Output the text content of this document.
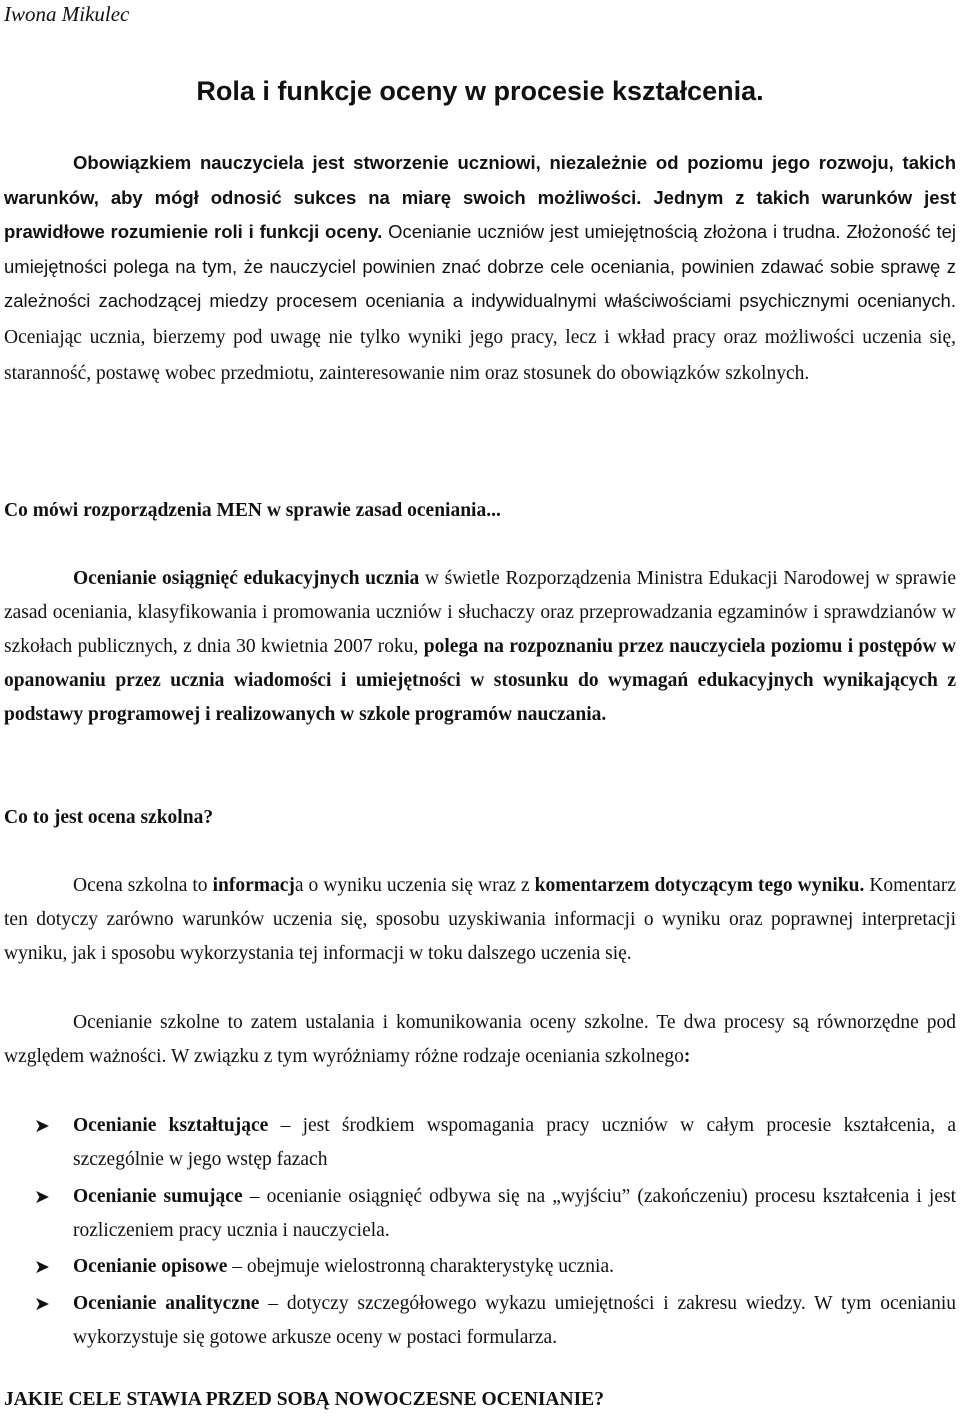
Iwona Mikulec
Rola i funkcje oceny w procesie kształcenia.

Obowiązkiem nauczyciela jest stworzenie uczniowi, niezależnie od poziomu jego rozwoju, takich warunków, aby mógł odnosić sukces na miarę swoich możliwości. Jednym z takich warunków jest prawidłowe rozumienie roli i funkcji oceny. Ocenianie uczniów jest umiejętnością złożona i trudna. Złożoność tej umiejętności polega na tym, że nauczyciel powinien znać dobrze cele oceniania, powinien zdawać sobie sprawę z zależności zachodzącej miedzy procesem oceniania a indywidualnymi właściwościami psychicznymi ocenianych. Oceniając ucznia, bierzemy pod uwagę nie tylko wyniki jego pracy, lecz i wkład pracy oraz możliwości uczenia się, staranność, postawę wobec przedmiotu, zainteresowanie nim oraz stosunek do obowiązków szkolnych.

Co mówi rozporządzenia MEN w sprawie zasad oceniania...

Ocenianie osiągnięć edukacyjnych ucznia w świetle Rozporządzenia Ministra Edukacji Narodowej w sprawie zasad oceniania, klasyfikowania i promowania uczniów i słuchaczy oraz przeprowadzania egzaminów i sprawdzianów w szkołach publicznych, z dnia 30 kwietnia 2007 roku, polega na rozpoznaniu przez nauczyciela poziomu i postępów w opanowaniu przez ucznia wiadomości i umiejętności w stosunku do wymagań edukacyjnych wynikających z podstawy programowej i realizowanych w szkole programów nauczania.

Co to jest ocena szkolna?

Ocena szkolna to informacja o wyniku uczenia się wraz z komentarzem dotyczącym tego wyniku. Komentarz ten dotyczy zarówno warunków uczenia się, sposobu uzyskiwania informacji o wyniku oraz poprawnej interpretacji wyniku, jak i sposobu wykorzystania tej informacji w toku dalszego uczenia się.

Ocenianie szkolne to zatem ustalania i komunikowania oceny szkolne. Te dwa procesy są równorzędne pod względem ważności. W związku z tym wyróżniamy różne rodzaje oceniania szkolnego:

➤ Ocenianie kształtujące – jest środkiem wspomagania pracy uczniów w całym procesie kształcenia, a szczególnie w jego wstęp fazach
➤ Ocenianie sumujące – ocenianie osiągnięć odbywa się na „wyjściu” (zakończeniu) procesu kształcenia i jest rozliczeniem pracy ucznia i nauczyciela.
➤ Ocenianie opisowe – obejmuje wielostronną charakterystykę ucznia.
➤ Ocenianie analityczne – dotyczy szczegółowego wykazu umiejętności i zakresu wiedzy. W tym ocenianiu wykorzystuje się gotowe arkusze oceny w postaci formularza.
JAKIE CELE STAWIA PRZED SOBĄ NOWOCZESNE OCENIANIE?
